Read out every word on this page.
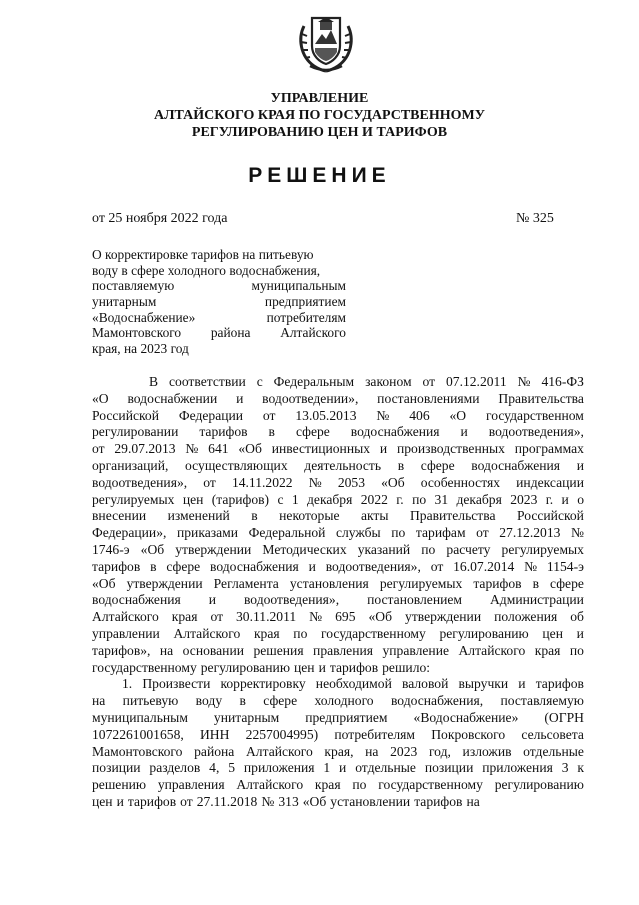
УПРАВЛЕНИЕ
АЛТАЙСКОГО КРАЯ ПО ГОСУДАРСТВЕННОМУ
РЕГУЛИРОВАНИЮ ЦЕН И ТАРИФОВ
РЕШЕНИЕ
от 25 ноября 2022 года	№ 325
О корректировке тарифов на питьевую
воду в сфере холодного водоснабжения,
поставляемую	муниципальным
унитарным	предприятием
«Водоснабжение»	потребителям
Мамонтовского района Алтайского
края, на 2023 год
В соответствии с Федеральным законом от 07.12.2011 № 416-ФЗ
«О водоснабжении и водоотведении», постановлениями Правительства
Российской Федерации от 13.05.2013 № 406 «О государственном
регулировании тарифов в сфере водоснабжения и водоотведения»,
от 29.07.2013 № 641 «Об инвестиционных и производственных программах
организаций, осуществляющих деятельность в сфере водоснабжения и
водоотведения», от 14.11.2022 № 2053 «Об особенностях индексации
регулируемых цен (тарифов) с 1 декабря 2022 г. по 31 декабря 2023 г. и о
внесении изменений в некоторые акты Правительства Российской
Федерации», приказами Федеральной службы по тарифам от 27.12.2013 №
1746-э «Об утверждении Методических указаний по расчету регулируемых
тарифов в сфере водоснабжения и водоотведения», от 16.07.2014 № 1154-э
«Об утверждении Регламента установления регулируемых тарифов в сфере
водоснабжения и водоотведения», постановлением Администрации
Алтайского края от 30.11.2011 № 695 «Об утверждении положения об
управлении Алтайского края по государственному регулированию цен и
тарифов», на основании решения правления управление Алтайского края по
государственному регулированию цен и тарифов решило:
1. Произвести корректировку необходимой валовой выручки и тарифов
на питьевую воду в сфере холодного водоснабжения, поставляемую
муниципальным унитарным предприятием «Водоснабжение» (ОГРН
1072261001658, ИНН 2257004995) потребителям Покровского сельсовета
Мамонтовского района Алтайского края, на 2023 год, изложив отдельные
позиции разделов 4, 5 приложения 1 и отдельные позиции приложения 3 к
решению управления Алтайского края по государственному регулированию
цен и тарифов от 27.11.2018 № 313 «Об установлении тарифов на
